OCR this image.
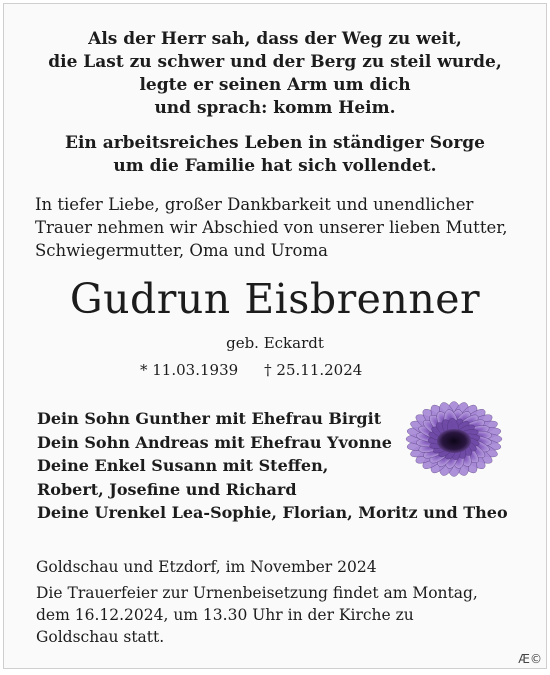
Als der Herr sah, dass der Weg zu weit,
die Last zu schwer und der Berg zu steil wurde,
legte er seinen Arm um dich
und sprach: komm Heim.
Ein arbeitsreiches Leben in ständiger Sorge
um die Familie hat sich vollendet.
In tiefer Liebe, großer Dankbarkeit und unendlicher
Trauer nehmen wir Abschied von unserer lieben Mutter,
Schwiegermutter, Oma und Uroma
Gudrun Eisbrenner
geb. Eckardt
* 11.03.1939 † 25.11.2024
Dein Sohn Gunther mit Ehefrau Birgit
Dein Sohn Andreas mit Ehefrau Yvonne
Deine Enkel Susann mit Steffen,
Robert, Josefine und Richard
Deine Urenkel Lea-Sophie, Florian, Moritz und Theo
Goldschau und Etzdorf, im November 2024
Die Trauerfeier zur Urnenbeisetzung findet am Montag,
dem 16.12.2024, um 13.30 Uhr in der Kirche zu
Goldschau statt.
Æ©
